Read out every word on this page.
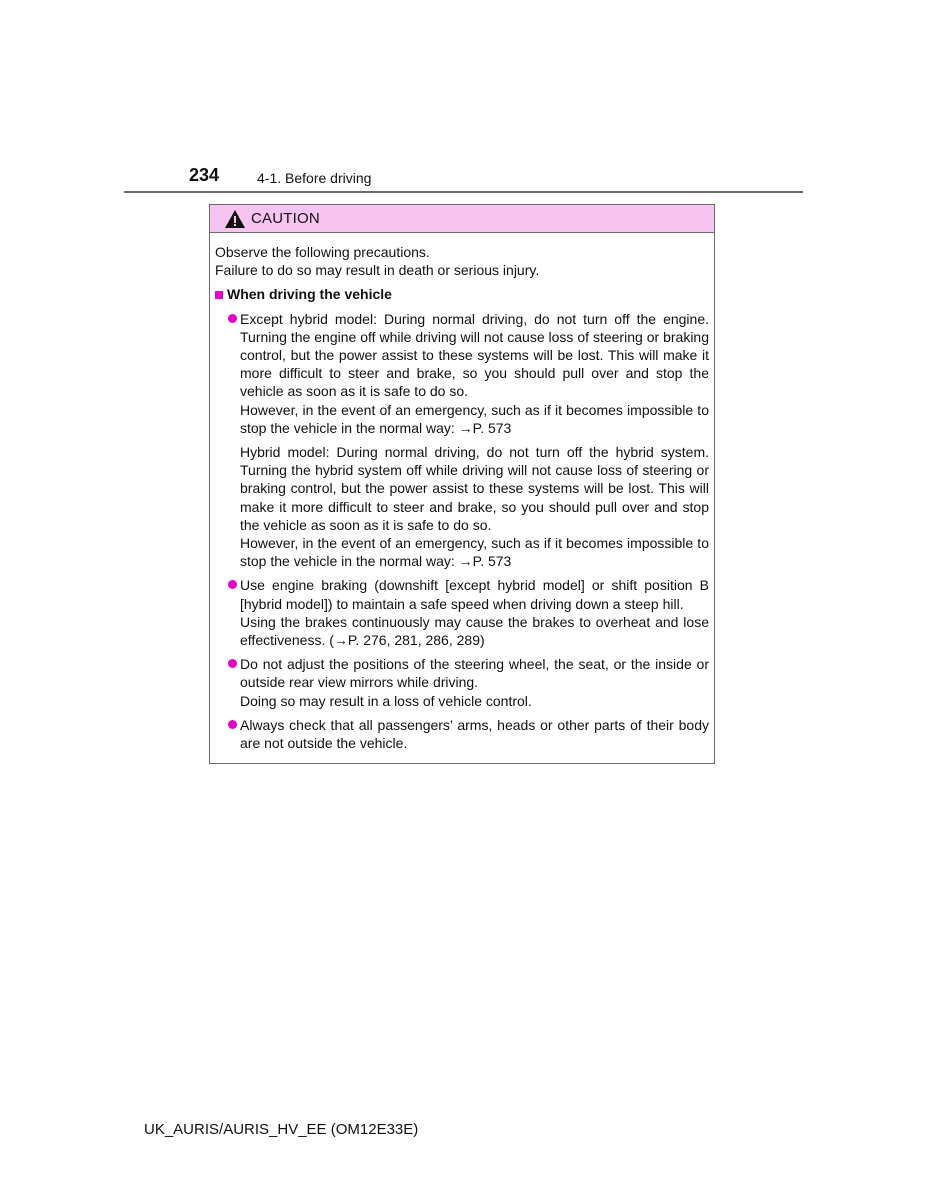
234	4-1. Before driving
CAUTION

Observe the following precautions.

Failure to do so may result in death or serious injury.

When driving the vehicle

Except hybrid model: During normal driving, do not turn off the engine. Turning the engine off while driving will not cause loss of steering or braking control, but the power assist to these systems will be lost. This will make it more difficult to steer and brake, so you should pull over and stop the vehicle as soon as it is safe to do so.

However, in the event of an emergency, such as if it becomes impossible to stop the vehicle in the normal way: →P. 573

Hybrid model: During normal driving, do not turn off the hybrid system. Turning the hybrid system off while driving will not cause loss of steering or braking control, but the power assist to these systems will be lost. This will make it more difficult to steer and brake, so you should pull over and stop the vehicle as soon as it is safe to do so.

However, in the event of an emergency, such as if it becomes impossible to stop the vehicle in the normal way: →P. 573

Use engine braking (downshift [except hybrid model] or shift position B [hybrid model]) to maintain a safe speed when driving down a steep hill.

Using the brakes continuously may cause the brakes to overheat and lose effectiveness. (→P. 276, 281, 286, 289)

Do not adjust the positions of the steering wheel, the seat, or the inside or outside rear view mirrors while driving.

Doing so may result in a loss of vehicle control.

Always check that all passengers’ arms, heads or other parts of their body are not outside the vehicle.

UK_AURIS/AURIS_HV_EE (OM12E33E)
